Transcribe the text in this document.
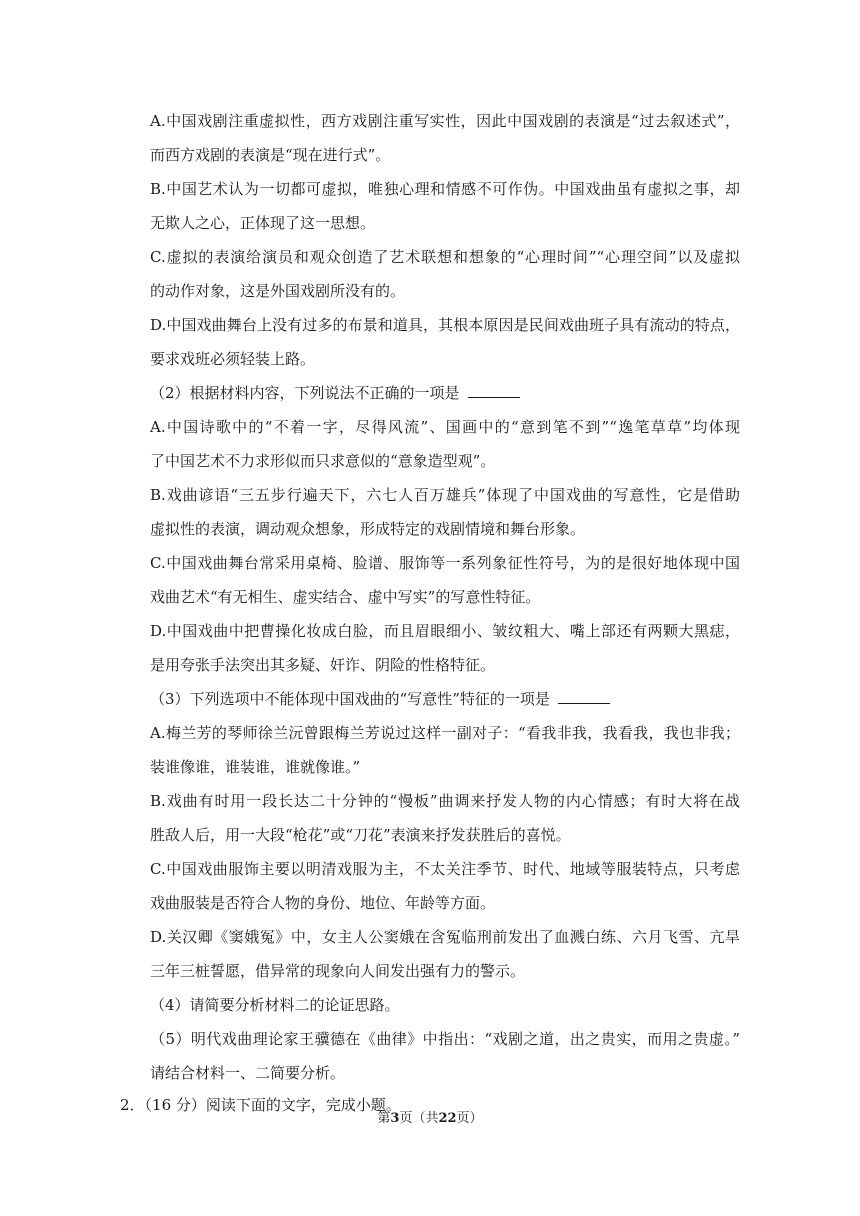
A.中国戏剧注重虚拟性，西方戏剧注重写实性，因此中国戏剧的表演是“过去叙述式”，
而西方戏剧的表演是“现在进行式”。
B.中国艺术认为一切都可虚拟，唯独心理和情感不可作伪。中国戏曲虽有虚拟之事，却
无欺人之心，正体现了这一思想。
C.虚拟的表演给演员和观众创造了艺术联想和想象的“心理时间”“心理空间”以及虚拟
的动作对象，这是外国戏剧所没有的。
D.中国戏曲舞台上没有过多的布景和道具，其根本原因是民间戏曲班子具有流动的特点，
要求戏班必须轻装上路。
（2）根据材料内容，下列说法不正确的一项是
A.中国诗歌中的“不着一字，尽得风流”、国画中的“意到笔不到”“逸笔草草”均体现
了中国艺术不力求形似而只求意似的“意象造型观”。
B.戏曲谚语“三五步行遍天下，六七人百万雄兵”体现了中国戏曲的写意性，它是借助
虚拟性的表演，调动观众想象，形成特定的戏剧情境和舞台形象。
C.中国戏曲舞台常采用桌椅、脸谱、服饰等一系列象征性符号，为的是很好地体现中国
戏曲艺术“有无相生、虚实结合、虚中写实”的写意性特征。
D.中国戏曲中把曹操化妆成白脸，而且眉眼细小、皱纹粗大、嘴上部还有两颗大黑痣，
是用夸张手法突出其多疑、奸诈、阴险的性格特征。
（3）下列选项中不能体现中国戏曲的“写意性”特征的一项是
A.梅兰芳的琴师徐兰沅曾跟梅兰芳说过这样一副对子：“看我非我，我看我，我也非我；
装谁像谁，谁装谁，谁就像谁。”
B.戏曲有时用一段长达二十分钟的“慢板”曲调来抒发人物的内心情感；有时大将在战
胜敌人后，用一大段“枪花”或“刀花”表演来抒发获胜后的喜悦。
C.中国戏曲服饰主要以明清戏服为主，不太关注季节、时代、地域等服装特点，只考虑
戏曲服装是否符合人物的身份、地位、年龄等方面。
D.关汉卿《窦娥冤》中，女主人公窦娥在含冤临刑前发出了血溅白练、六月飞雪、亢旱
三年三桩誓愿，借异常的现象向人间发出强有力的警示。
（4）请简要分析材料二的论证思路。
（5）明代戏曲理论家王骥德在《曲律》中指出：“戏剧之道，出之贵实，而用之贵虚。”
请结合材料一、二简要分析。
2．（16 分）阅读下面的文字，完成小题。
第3页（共22页）
